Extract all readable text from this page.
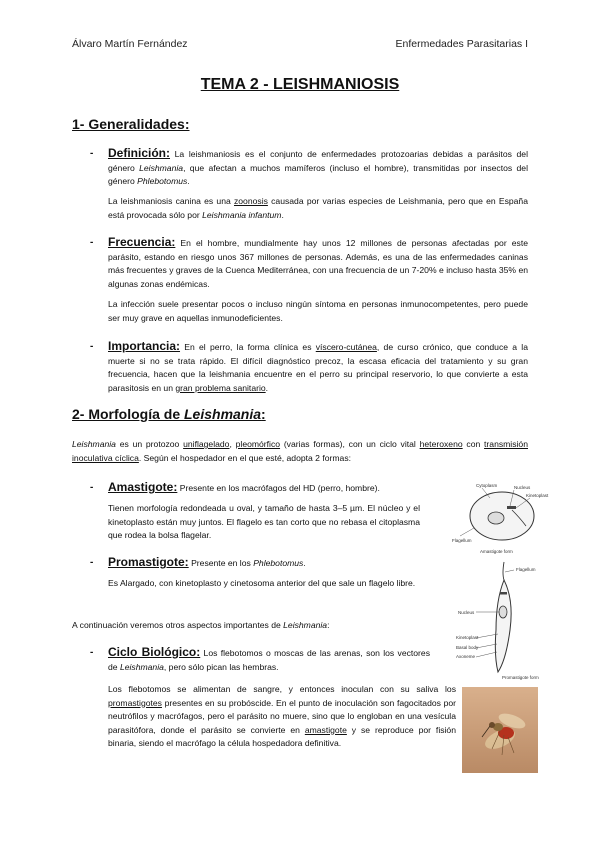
Álvaro Martín Fernández	Enfermedades Parasitarias I
TEMA 2 - LEISHMANIOSIS
1- Generalidades:
- Definición: La leishmaniosis es el conjunto de enfermedades protozoarias debidas a parásitos del género Leishmania, que afectan a muchos mamíferos (incluso el hombre), transmitidas por insectos del género Phlebotomus.
La leishmaniosis canina es una zoonosis causada por varias especies de Leishmania, pero que en España está provocada sólo por Leishmania infantum.
- Frecuencia: En el hombre, mundialmente hay unos 12 millones de personas afectadas por este parásito, estando en riesgo unos 367 millones de personas. Además, es una de las enfermedades caninas más frecuentes y graves de la Cuenca Mediterránea, con una frecuencia de un 7-20% e incluso hasta 35% en algunas zonas endémicas.
La infección suele presentar pocos o incluso ningún síntoma en personas inmunocompetentes, pero puede ser muy grave en aquellas inmunodeficientes.
- Importancia: En el perro, la forma clínica es víscero-cutánea, de curso crónico, que conduce a la muerte si no se trata rápido. El difícil diagnóstico precoz, la escasa eficacia del tratamiento y su gran frecuencia, hacen que la leishmania encuentre en el perro su principal reservorio, lo que convierte a esta parasitosis en un gran problema sanitario.
2- Morfología de Leishmania:
Leishmania es un protozoo uniflagelado, pleomórfico (varias formas), con un ciclo vital heteroxeno con transmisión inoculativa cíclica. Según el hospedador en el que esté, adopta 2 formas:
- Amastigote: Presente en los macrófagos del HD (perro, hombre).
Tienen morfología redondeada u oval, y tamaño de hasta 3–5 µm. El núcleo y el kinetoplasto están muy juntos. El flagelo es tan corto que no rebasa el citoplasma que rodea la bolsa flagelar.
- Promastigote: Presente en los Phlebotomus.
Es Alargado, con kinetoplasto y cinetosoma anterior del que sale un flagelo libre.
A continuación veremos otros aspectos importantes de Leishmania:
- Ciclo Biológico: Los flebotomos o moscas de las arenas, son los vectores de Leishmania, pero sólo pican las hembras.
Los flebotomos se alimentan de sangre, y entonces inoculan con su saliva los promastigotes presentes en su probóscide. En el punto de inoculación son fagocitados por neutrófilos y macrófagos, pero el parásito no muere, sino que lo engloban en una vesícula parasitófora, donde el parásito se convierte en amastigote y se reproduce por fisión binaria, siendo el macrófago la célula hospedadora definitiva.
Cytoplasm	Nucleus
Kinetoplast
Flagellum
Amastigote form
Flagellum
Nucleus
Kinetoplast
Basal body
Axoneme
Promastigote form
